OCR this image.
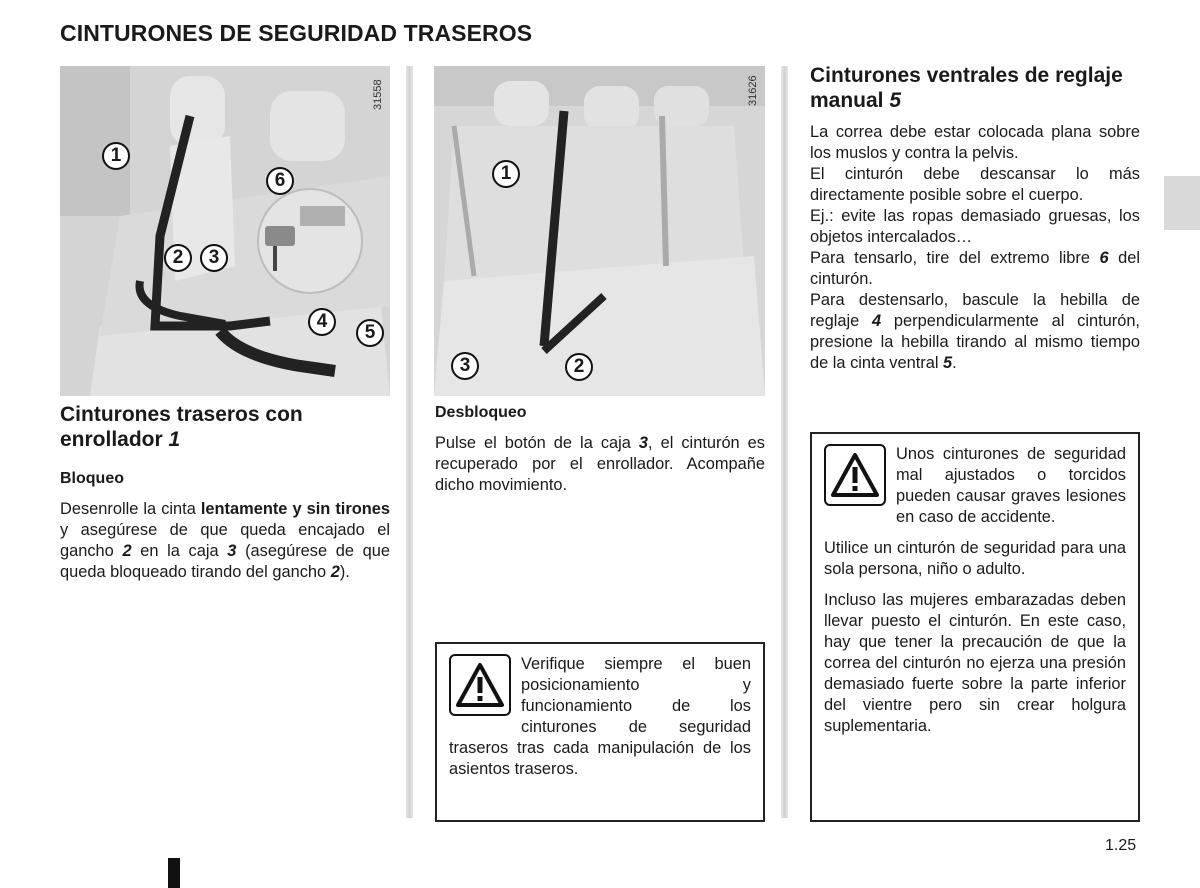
CINTURONES DE SEGURIDAD TRASEROS
31558
1
6
2	3
4
5
31626
1
3	2
Cinturones traseros con enrollador 1
Bloqueo
Desenrolle la cinta lentamente y sin tirones y asegúrese de que queda encajado el gancho 2 en la caja 3 (asegúrese de que queda bloqueado tirando del gancho 2).
Desbloqueo
Pulse el botón de la caja 3, el cinturón es recuperado por el enrollador. Acompañe dicho movimiento.
Verifique siempre el buen posicionamiento y funcionamiento de los cinturones de seguridad traseros tras cada manipulación de los asientos traseros.
Cinturones ventrales de reglaje manual 5
La correa debe estar colocada plana sobre los muslos y contra la pelvis.
El cinturón debe descansar lo más directamente posible sobre el cuerpo.
Ej.: evite las ropas demasiado gruesas, los objetos intercalados…
Para tensarlo, tire del extremo libre 6 del cinturón.
Para destensarlo, bascule la hebilla de reglaje 4 perpendicularmente al cinturón, presione la hebilla tirando al mismo tiempo de la cinta ventral 5.

Unos cinturones de seguridad mal ajustados o torcidos pueden causar graves lesiones en caso de accidente.

Utilice un cinturón de seguridad para una sola persona, niño o adulto.

Incluso las mujeres embarazadas deben llevar puesto el cinturón. En este caso, hay que tener la precaución de que la correa del cinturón no ejerza una presión demasiado fuerte sobre la parte inferior del vientre pero sin crear holgura suplementaria.

1.25
